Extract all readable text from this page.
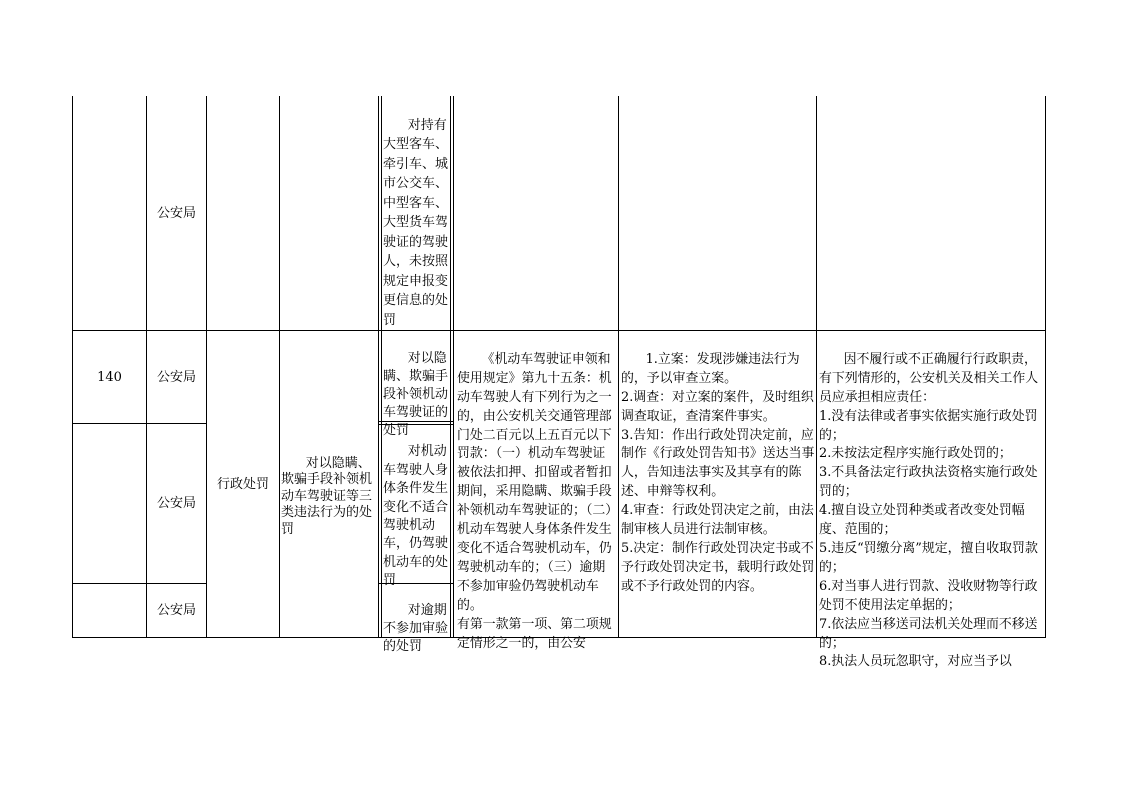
公安局

对持有大型客车、牵引车、城市公交车、中型客车、大型货车驾驶证的驾驶人，未按照规定申报变更信息的处罚

140	公安局
公安局
公安局
行政处罚

对以隐瞒、欺骗手段补领机动车驾驶证等三类违法行为的处罚

对以隐瞒、欺骗手段补领机动车驾驶证的处罚

对机动车驾驶人身体条件发生变化不适合驾驶机动车，仍驾驶机动车的处罚

对逾期不参加审验的处罚

《机动车驾驶证申领和使用规定》第九十五条：机动车驾驶人有下列行为之一的，由公安机关交通管理部门处二百元以上五百元以下罚款：（一）机动车驾驶证被依法扣押、扣留或者暂扣期间，采用隐瞒、欺骗手段补领机动车驾驶证的；（二）机动车驾驶人身体条件发生变化不适合驾驶机动车，仍驾驶机动车的；（三）逾期不参加审验仍驾驶机动车的。
有第一款第一项、第二项规定情形之一的，由公安

1.立案：发现涉嫌违法行为的，予以审查立案。
2.调查：对立案的案件，及时组织调查取证，查清案件事实。
3.告知：作出行政处罚决定前，应制作《行政处罚告知书》送达当事人，告知违法事实及其享有的陈述、申辩等权利。
4.审查：行政处罚决定之前，由法制审核人员进行法制审核。
5.决定：制作行政处罚决定书或不予行政处罚决定书，载明行政处罚或不予行政处罚的内容。

因不履行或不正确履行行政职责，有下列情形的，公安机关及相关工作人员应承担相应责任：
1.没有法律或者事实依据实施行政处罚的；
2.未按法定程序实施行政处罚的；
3.不具备法定行政执法资格实施行政处罚的；
4.擅自设立处罚种类或者改变处罚幅度、范围的；
5.违反“罚缴分离”规定，擅自收取罚款的；
6.对当事人进行罚款、没收财物等行政处罚不使用法定单据的；
7.依法应当移送司法机关处理而不移送的；
8.执法人员玩忽职守，对应当予以
